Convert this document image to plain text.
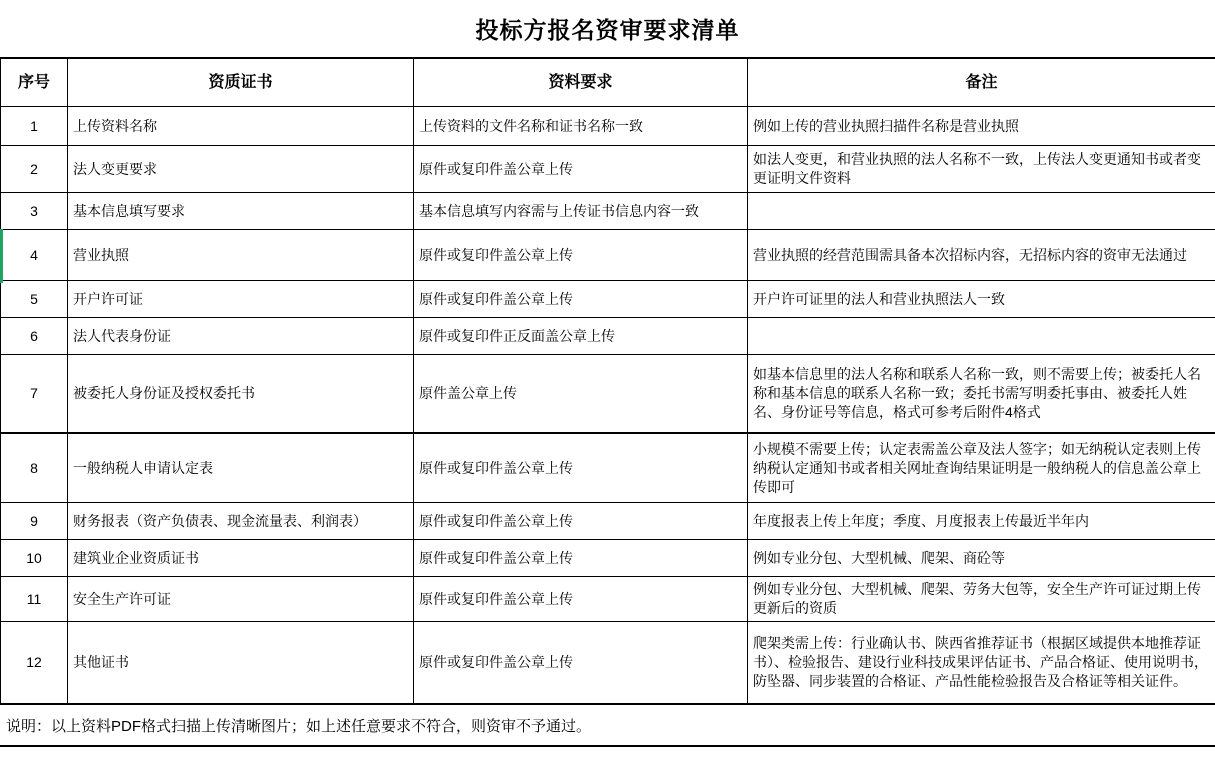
投标方报名资审要求清单
序号	资质证书	资料要求	备注
1	上传资料名称	上传资料的文件名称和证书名称一致	例如上传的营业执照扫描件名称是营业执照
2	法人变更要求	原件或复印件盖公章上传	如法人变更，和营业执照的法人名称不一致，上传法人变更通知书或者变更证明文件资料
3	基本信息填写要求	基本信息填写内容需与上传证书信息内容一致	
4	营业执照	原件或复印件盖公章上传	营业执照的经营范围需具备本次招标内容，无招标内容的资审无法通过
5	开户许可证	原件或复印件盖公章上传	开户许可证里的法人和营业执照法人一致
6	法人代表身份证	原件或复印件正反面盖公章上传	
7	被委托人身份证及授权委托书	原件盖公章上传	如基本信息里的法人名称和联系人名称一致，则不需要上传；被委托人名称和基本信息的联系人名称一致；委托书需写明委托事由、被委托人姓名、身份证号等信息，格式可参考后附件4格式
8	一般纳税人申请认定表	原件或复印件盖公章上传	小规模不需要上传；认定表需盖公章及法人签字；如无纳税认定表则上传纳税认定通知书或者相关网址查询结果证明是一般纳税人的信息盖公章上传即可
9	财务报表（资产负债表、现金流量表、利润表）	原件或复印件盖公章上传	年度报表上传上年度；季度、月度报表上传最近半年内
10	建筑业企业资质证书	原件或复印件盖公章上传	例如专业分包、大型机械、爬架、商砼等
11	安全生产许可证	原件或复印件盖公章上传	例如专业分包、大型机械、爬架、劳务大包等，安全生产许可证过期上传更新后的资质
12	其他证书	原件或复印件盖公章上传	爬架类需上传：行业确认书、陕西省推荐证书（根据区域提供本地推荐证书）、检验报告、建设行业科技成果评估证书、产品合格证、使用说明书，防坠器、同步装置的合格证、产品性能检验报告及合格证等相关证件。
说明：以上资料PDF格式扫描上传清晰图片；如上述任意要求不符合，则资审不予通过。
